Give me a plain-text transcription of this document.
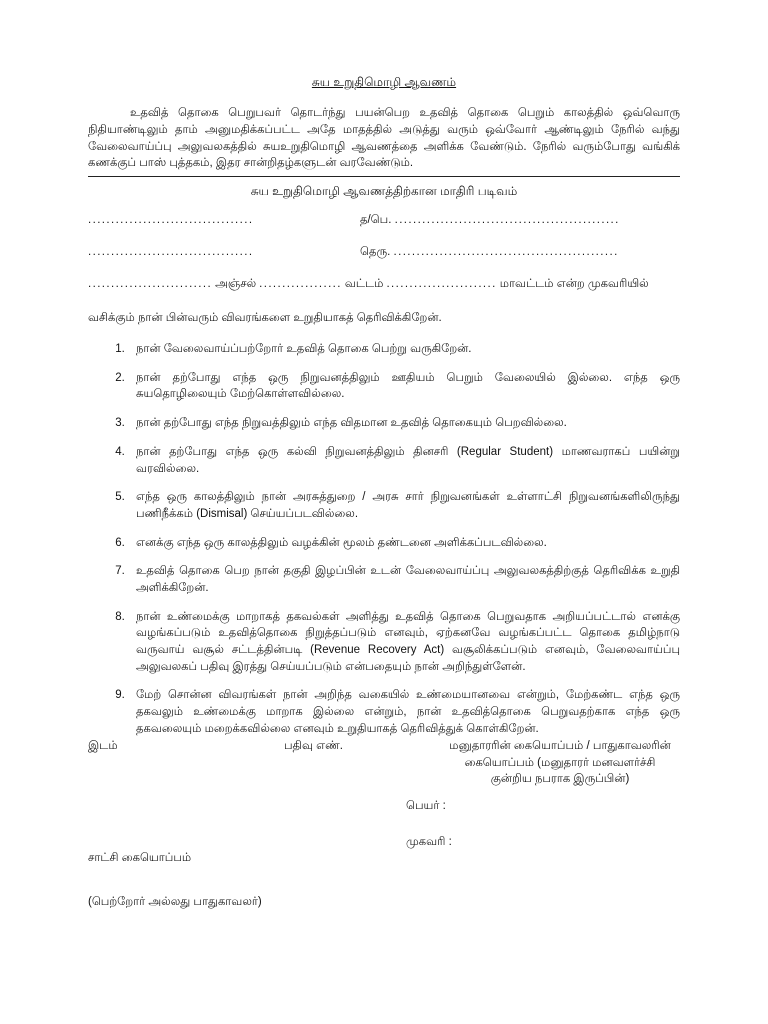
சுய உறுதிமொழி ஆவணம்

உதவித் தொகை பெறுபவர் தொடர்ந்து பயன்பெற உதவித் தொகை பெறும் காலத்தில் ஒவ்வொரு நிதியாண்டிலும் தாம் அனுமதிக்கப்பட்ட அதே மாதத்தில் அடுத்து வரும் ஒவ்வோர் ஆண்டிலும் நேரில் வந்து வேலைவாய்ப்பு அலுவலகத்தில் சுயஉறுதிமொழி ஆவணத்தை அளிக்க வேண்டும். நேரில் வரும்போது வங்கிக் கணக்குப் பாஸ் புத்தகம், இதர சான்றிதழ்களுடன் வரவேண்டும்.

சுய உறுதிமொழி ஆவணத்திற்கான மாதிரி படிவம்

....................................	த/பெ. .................................................
....................................	தெரு. .................................................
........................... அஞ்சல் .................. வட்டம் ........................ மாவட்டம் என்ற முகவரியில்

வசிக்கும் நான் பின்வரும் விவரங்களை உறுதியாகத் தெரிவிக்கிறேன்.

1. நான் வேலைவாய்ப்பற்றோர் உதவித் தொகை பெற்று வருகிறேன்.
2. நான் தற்போது எந்த ஒரு நிறுவனத்திலும் ஊதியம் பெறும் வேலையில் இல்லை. எந்த ஒரு சுயதொழிலையும் மேற்கொள்ளவில்லை.
3. நான் தற்போது எந்த நிறுவத்திலும் எந்த விதமான உதவித் தொகையும் பெறவில்லை.
4. நான் தற்போது எந்த ஒரு கல்வி நிறுவனத்திலும் தினசரி (Regular Student) மாணவராகப் பயின்று வரவில்லை.
5. எந்த ஒரு காலத்திலும் நான் அரசுத்துறை / அரசு சார் நிறுவனங்கள் உள்ளாட்சி நிறுவனங்களிலிருந்து பணிநீக்கம் (Dismisal) செய்யப்படவில்லை.
6. எனக்கு எந்த ஒரு காலத்திலும் வழக்கின் மூலம் தண்டனை அளிக்கப்படவில்லை.
7. உதவித் தொகை பெற நான் தகுதி இழப்பின் உடன் வேலைவாய்ப்பு அலுவலகத்திற்குத் தெரிவிக்க உறுதி அளிக்கிறேன்.
8. நான் உண்மைக்கு மாறாகத் தகவல்கள் அளித்து உதவித் தொகை பெறுவதாக அறியப்பட்டால் எனக்கு வழங்கப்படும் உதவித்தொகை நிறுத்தப்படும் எனவும், ஏற்கனவே வழங்கப்பட்ட தொகை தமிழ்நாடு வருவாய் வசூல் சட்டத்தின்படி (Revenue Recovery Act) வசூலிக்கப்படும் எனவும், வேலைவாய்ப்பு அலுவலகப் பதிவு இரத்து செய்யப்படும் என்பதையும் நான் அறிந்துள்ளேன்.
9. மேற் சொன்ன விவரங்கள் நான் அறிந்த வகையில் உண்மையானவை என்றும், மேற்கண்ட எந்த ஒரு தகவலும் உண்மைக்கு மாறாக இல்லை என்றும், நான் உதவித்தொகை பெறுவதற்காக எந்த ஒரு தகவலையும் மறைக்கவில்லை எனவும் உறுதியாகத் தெரிவித்துக் கொள்கிறேன்.
இடம்	பதிவு எண்.	மனுதாரரின் கையொப்பம் / பாதுகாவலரின்
கையொப்பம் (மனுதாரர் மனவளர்ச்சி
குன்றிய நபராக இருப்பின்)
பெயர் :
முகவரி :
சாட்சி கையொப்பம்
(பெற்றோர் அல்லது பாதுகாவலர்)
